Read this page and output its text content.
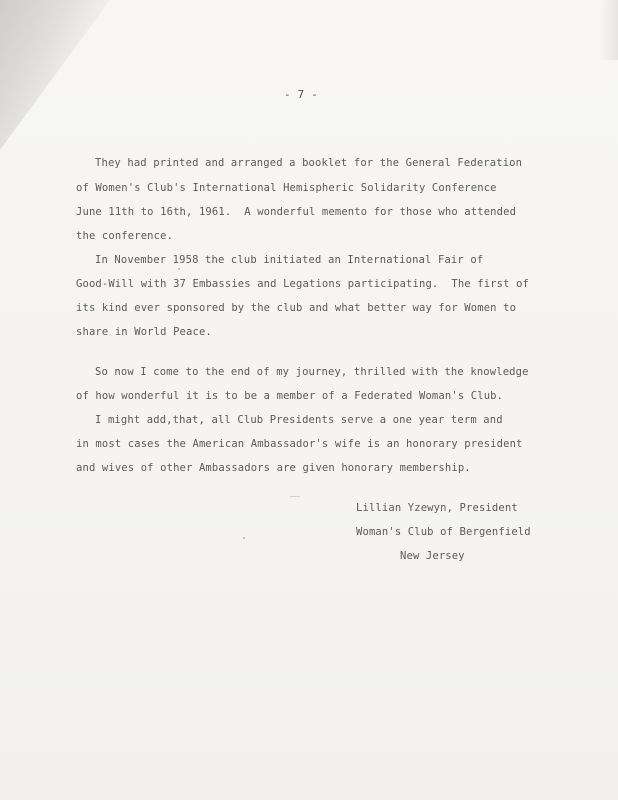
- 7 -
They had printed and arranged a booklet for the General Federation
of Women's Club's International Hemispheric Solidarity Conference
June 11th to 16th, 1961.  A wonderful memento for those who attended
the conference.
In November 1958 the club initiated an International Fair of
Good-Will with 37 Embassies and Legations participating.  The first of
its kind ever sponsored by the club and what better way for Women to
share in World Peace.
So now I come to the end of my journey, thrilled with the knowledge
of how wonderful it is to be a member of a Federated Woman's Club.
I might add,that, all Club Presidents serve a one year term and
in most cases the American Ambassador's wife is an honorary president
and wives of other Ambassadors are given honorary membership.
Lillian Yzewyn, President
Woman's Club of Bergenfield
New Jersey
